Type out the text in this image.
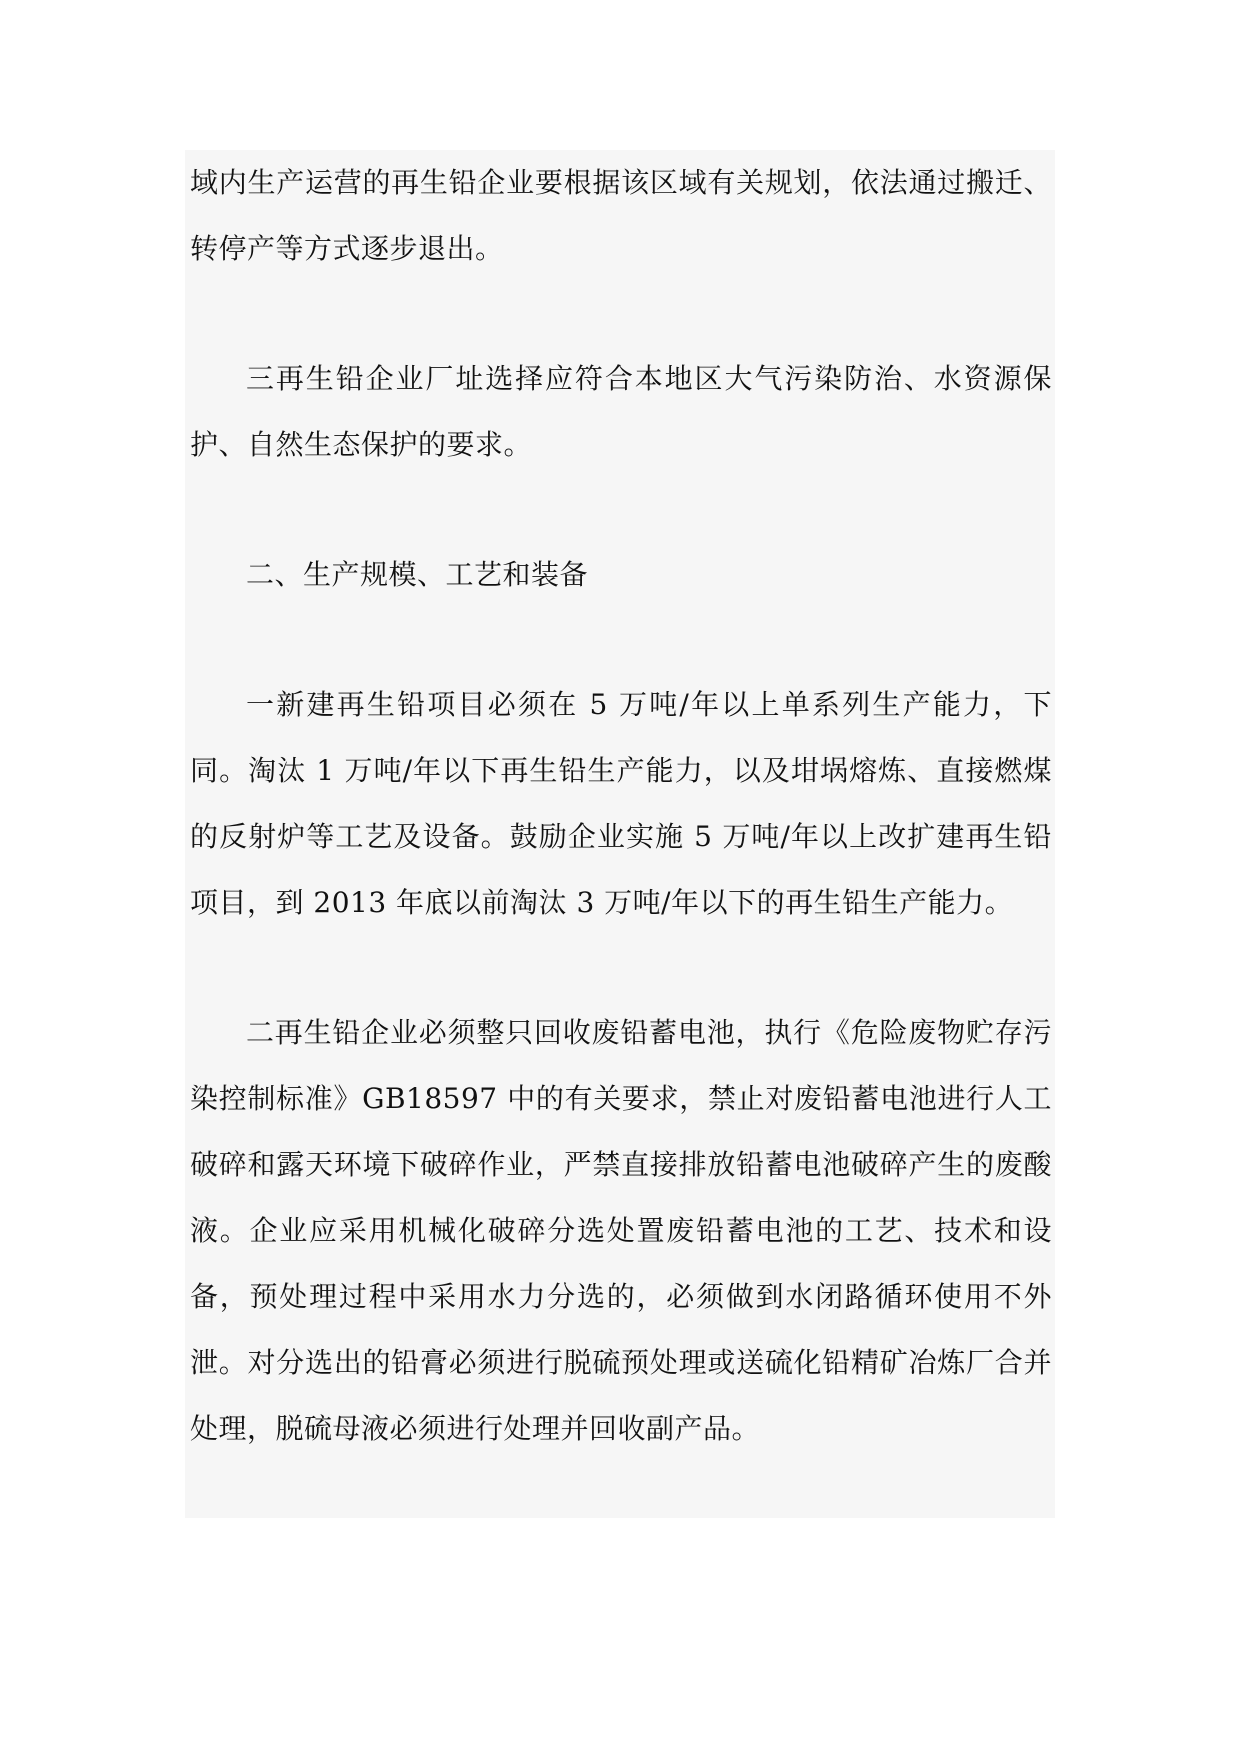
域内生产运营的再生铅企业要根据该区域有关规划，依法通过搬迁、转停产等方式逐步退出。

三再生铅企业厂址选择应符合本地区大气污染防治、水资源保护、自然生态保护的要求。

二、生产规模、工艺和装备

一新建再生铅项目必须在 5 万吨/年以上单系列生产能力，下同。淘汰 1 万吨/年以下再生铅生产能力，以及坩埚熔炼、直接燃煤的反射炉等工艺及设备。鼓励企业实施 5 万吨/年以上改扩建再生铅项目，到 2013 年底以前淘汰 3 万吨/年以下的再生铅生产能力。

二再生铅企业必须整只回收废铅蓄电池，执行《危险废物贮存污染控制标准》GB18597 中的有关要求，禁止对废铅蓄电池进行人工破碎和露天环境下破碎作业，严禁直接排放铅蓄电池破碎产生的废酸液。企业应采用机械化破碎分选处置废铅蓄电池的工艺、技术和设备，预处理过程中采用水力分选的，必须做到水闭路循环使用不外泄。对分选出的铅膏必须进行脱硫预处理或送硫化铅精矿冶炼厂合并处理，脱硫母液必须进行处理并回收副产品。
